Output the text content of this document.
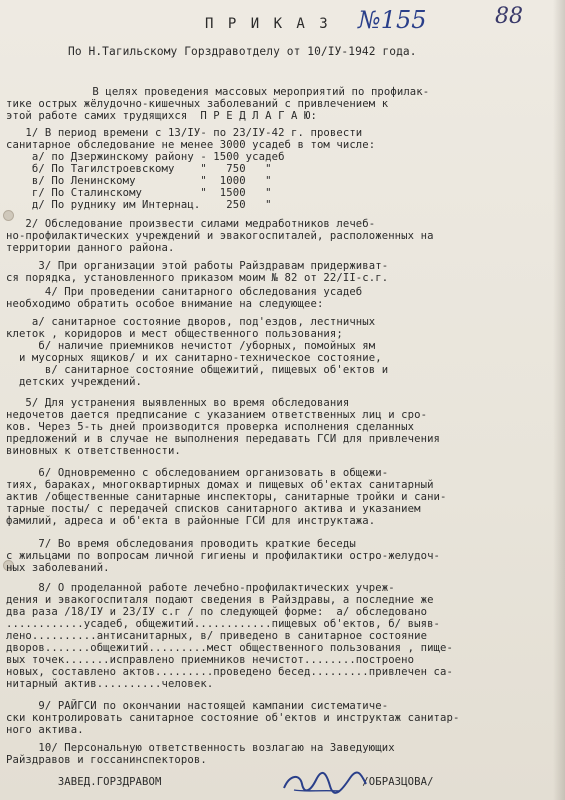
П Р И К А З №155	88
По Н.Тагильскому Горздравотделу от 10/IУ-1942 года.
В целях проведения массовых мероприятий по профилак-
тике острых жёлудочно-кишечных заболеваний с привлечением к
этой работе самих трудящихся  П Р Е Д Л А Г А Ю:
1/ В период времени с 13/IУ- по 23/IУ-42 г. провести
санитарное обследование не менее 3000 усадеб в том числе:
а/ по Дзержинскому району - 1500 усадеб
б/ По Тагилстроевскому    "   750   "
в/ По Ленинскому          "  1000   "
г/ По Сталинскому         "  1500   "
д/ По руднику им Интернац.    250   "
2/ Обследование произвести силами медработников лечеб-
но-профилактических учреждений и эвакогоспиталей, расположенных на
территории данного района.
3/ При организации этой работы Райздравам придерживат-
ся порядка, установленного приказом моим № 82 от 22/II-с.г.
4/ При проведении санитарного обследования усадеб
необходимо обратить особое внимание на следующее:
а/ санитарное состояние дворов, под'ездов, лестничных
клеток , коридоров и мест общественного пользования;
б/ наличие приемников нечистот /уборных, помойных ям
и мусорных ящиков/ и их санитарно-техническое состояние,
в/ санитарное состояние общежитий, пищевых об'ектов и
детских учреждений.
5/ Для устранения выявленных во время обследования
недочетов дается предписание с указанием ответственных лиц и сро-
ков. Через 5-ть дней производится проверка исполнения сделанных
предложений и в случае не выполнения передавать ГСИ для привлечения
виновных к ответственности.
6/ Одновременно с обследованием организовать в общежи-
тиях, бараках, многоквартирных домах и пищевых об'ектах санитарный
актив /общественные санитарные инспекторы, санитарные тройки и сани-
тарные посты/ с передачей списков санитарного актива и указанием
фамилий, адреса и об'екта в районные ГСИ для инструктажа.
7/ Во время обследования проводить краткие беседы
с жильцами по вопросам личной гигиены и профилактики остро-желудоч-
ных заболеваний.
8/ О проделанной работе лечебно-профилактических учреж-
дения и эвакогоспиталя подают сведения в Райздравы, а последние же
два раза /18/IУ и 23/IУ с.г / по следующей форме:  а/ обследовано
............усадеб, общежитий............пищевых об'ектов, б/ выяв-
лено..........антисанитарных, в/ приведено в санитарное состояние
дворов.......общежитий.........мест общественного пользования , пище-
вых точек.......исправлено приемников нечистот........построено
новых, составлено актов.........проведено бесед.........привлечен са-
нитарный актив..........человек.
9/ РАЙГСИ по окончании настоящей кампании систематиче-
ски контролировать санитарное состояние об'ектов и инструктаж санитар-
ного актива.
10/ Персональную ответственность возлагаю на Заведующих
Райздравов и госсанинспекторов.
ЗАВЕД.ГОРЗДРАВОМ                               /ОБРАЗЦОВА/
